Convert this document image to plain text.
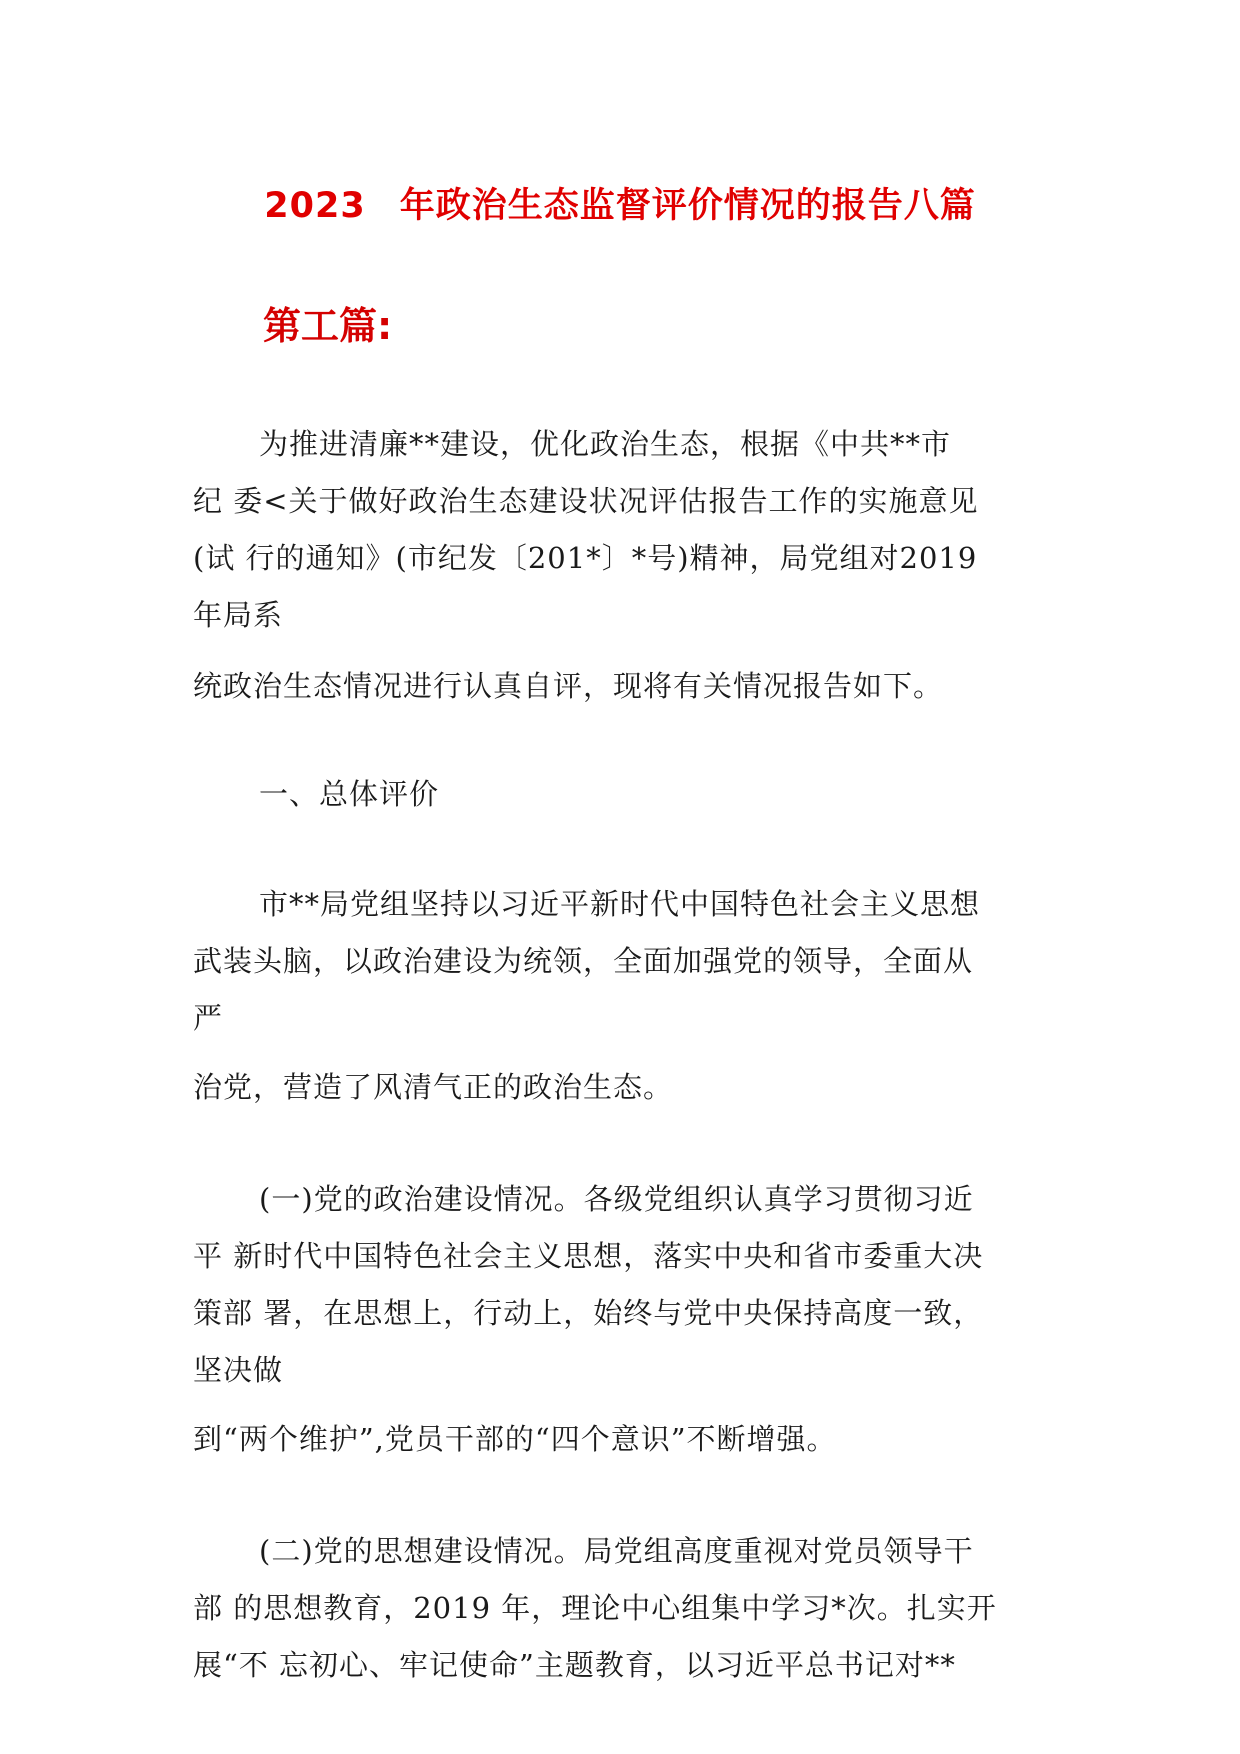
2023 年政治生态监督评价情况的报告八篇
第工篇:
为推进清廉**建设，优化政治生态，根据《中共**市
纪 委<关于做好政治生态建设状况评估报告工作的实施意见
(试 行的通知》(市纪发〔201*〕*号)精神，局党组对2019
年局系
统政治生态情况进行认真自评，现将有关情况报告如下。
一、总体评价
市**局党组坚持以习近平新时代中国特色社会主义思想
武装头脑，以政治建设为统领，全面加强党的领导，全面从
严
治党，营造了风清气正的政治生态。
(一)党的政治建设情况。各级党组织认真学习贯彻习近
平 新时代中国特色社会主义思想，落实中央和省市委重大决
策部 署，在思想上，行动上，始终与党中央保持高度一致，
坚决做
到“两个维护”,党员干部的“四个意识”不断增强。
(二)党的思想建设情况。局党组高度重视对党员领导干
部 的思想教育，2019 年，理论中心组集中学习*次。扎实开
展“不 忘初心、牢记使命”主题教育，以习近平总书记对**
